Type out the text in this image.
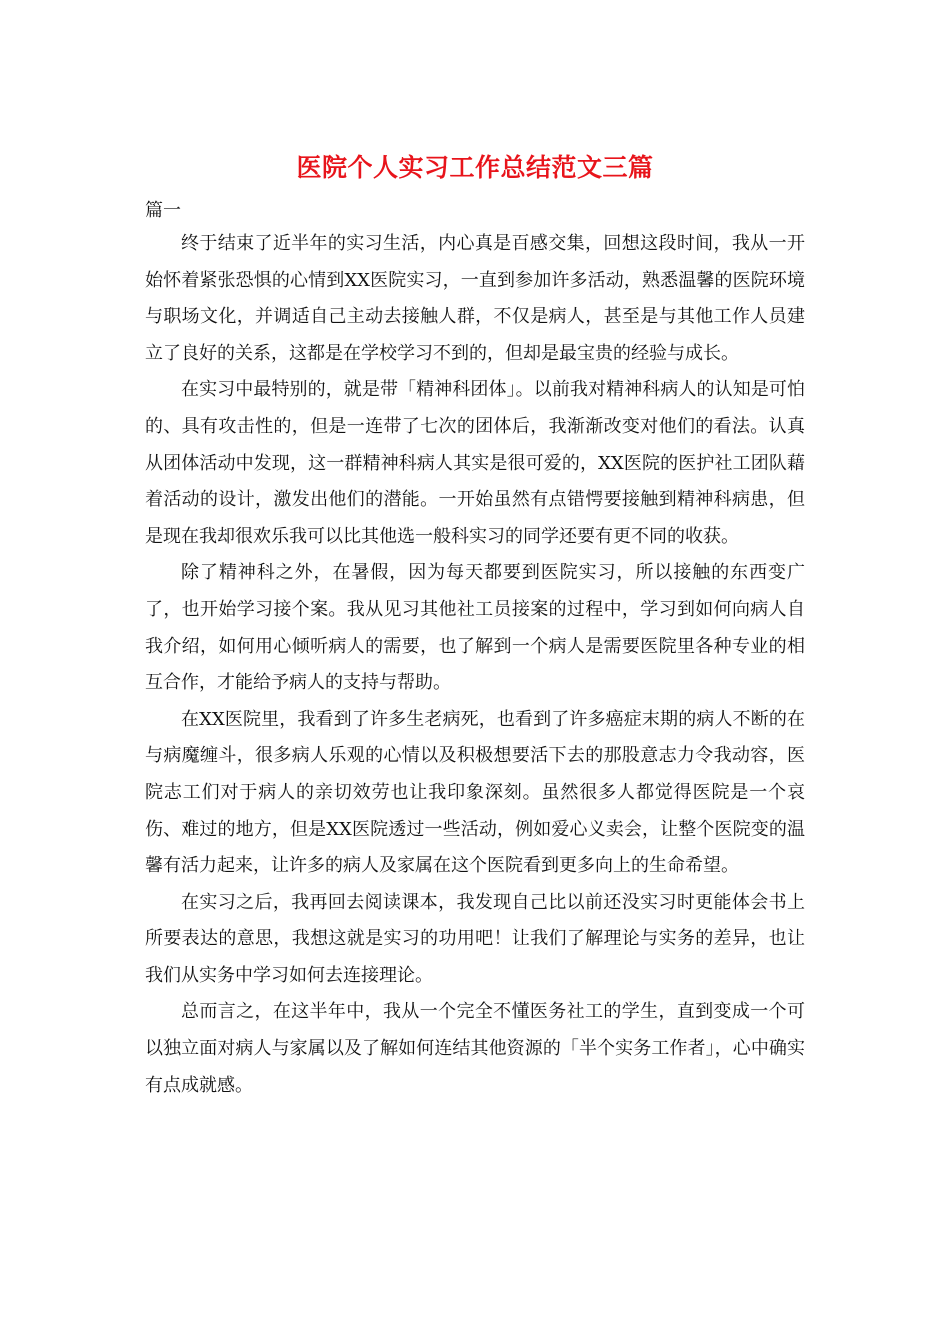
医院个人实习工作总结范文三篇
篇一

终于结束了近半年的实习生活，内心真是百感交集，回想这段时间，我从一开始怀着紧张恐惧的心情到XX医院实习，一直到参加许多活动，熟悉温馨的医院环境与职场文化，并调适自己主动去接触人群，不仅是病人，甚至是与其他工作人员建立了良好的关系，这都是在学校学习不到的，但却是最宝贵的经验与成长。

在实习中最特别的，就是带「精神科团体」。以前我对精神科病人的认知是可怕的、具有攻击性的，但是一连带了七次的团体后，我渐渐改变对他们的看法。认真从团体活动中发现，这一群精神科病人其实是很可爱的，XX医院的医护社工团队藉着活动的设计，激发出他们的潜能。一开始虽然有点错愕要接触到精神科病患，但是现在我却很欢乐我可以比其他选一般科实习的同学还要有更不同的收获。

除了精神科之外，在暑假，因为每天都要到医院实习，所以接触的东西变广了，也开始学习接个案。我从见习其他社工员接案的过程中，学习到如何向病人自我介绍，如何用心倾听病人的需要，也了解到一个病人是需要医院里各种专业的相互合作，才能给予病人的支持与帮助。

在XX医院里，我看到了许多生老病死，也看到了许多癌症末期的病人不断的在与病魔缠斗，很多病人乐观的心情以及积极想要活下去的那股意志力令我动容，医院志工们对于病人的亲切效劳也让我印象深刻。虽然很多人都觉得医院是一个哀伤、难过的地方，但是XX医院透过一些活动，例如爱心义卖会，让整个医院变的温馨有活力起来，让许多的病人及家属在这个医院看到更多向上的生命希望。

在实习之后，我再回去阅读课本，我发现自己比以前还没实习时更能体会书上所要表达的意思，我想这就是实习的功用吧！让我们了解理论与实务的差异，也让我们从实务中学习如何去连接理论。

总而言之，在这半年中，我从一个完全不懂医务社工的学生，直到变成一个可以独立面对病人与家属以及了解如何连结其他资源的「半个实务工作者」，心中确实有点成就感。
